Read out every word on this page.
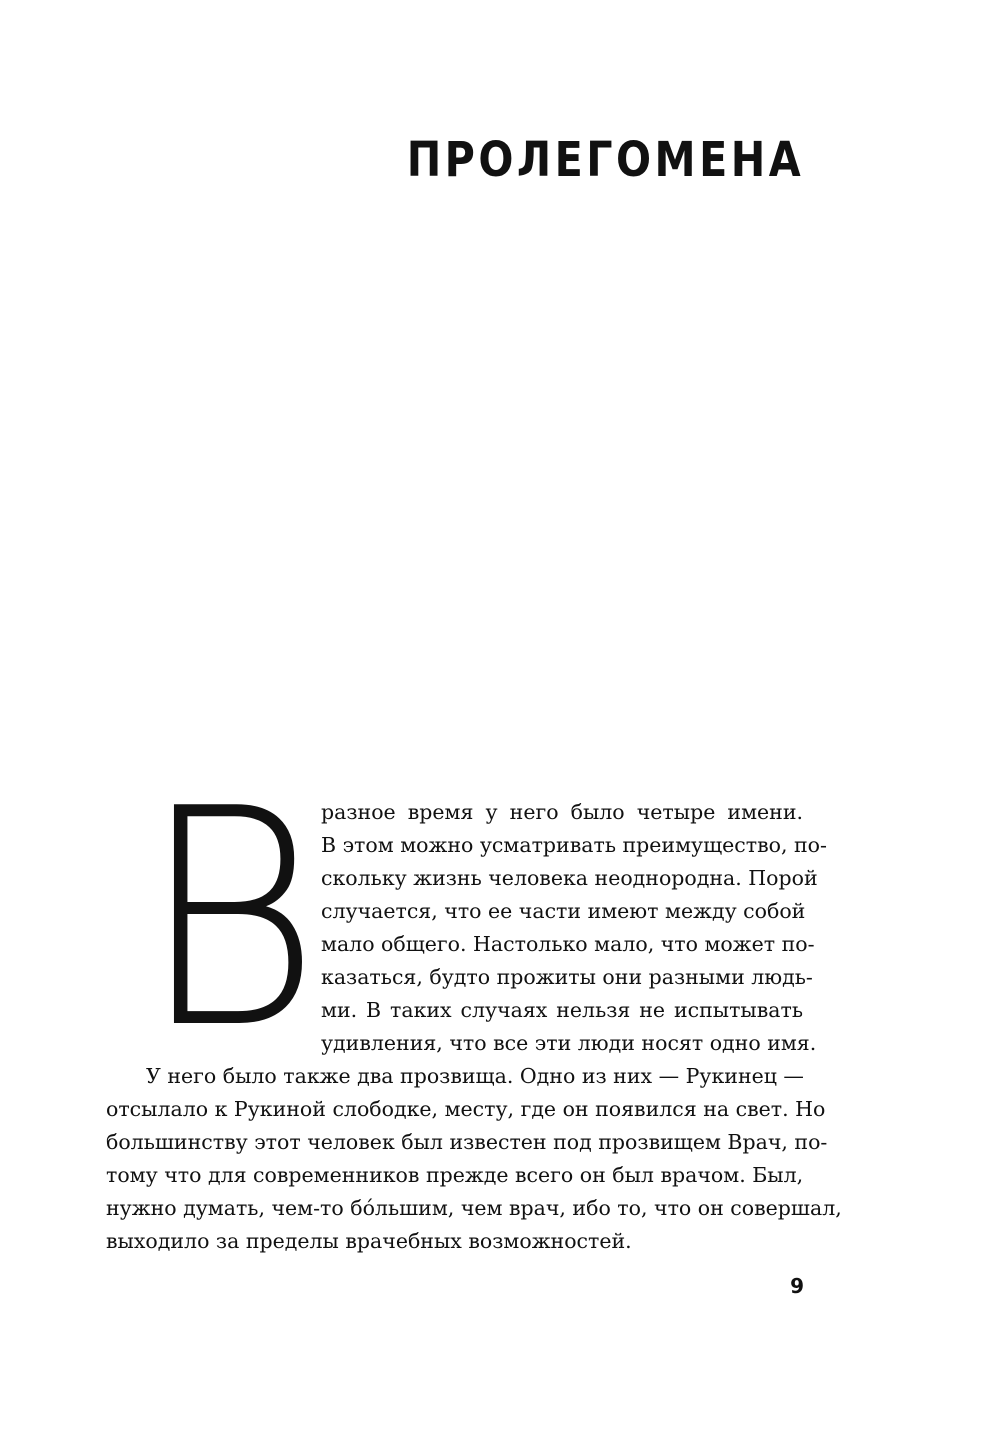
ПРОЛЕГОМЕНА
В разное время у него было четыре имени.
В этом можно усматривать преимущество, по-
скольку жизнь человека неоднородна. Порой
случается, что ее части имеют между собой
мало общего. Настолько мало, что может по-
казаться, будто прожиты они разными людь-
ми. В таких случаях нельзя не испытывать
удивления, что все эти люди носят одно имя.
У него было также два прозвища. Одно из них — Рукинец —
отсылало к Рукиной слободке, месту, где он появился на свет. Но
большинству этот человек был известен под прозвищем Врач, по-
тому что для современников прежде всего он был врачом. Был,
нужно думать, чем-то бóльшим, чем врач, ибо то, что он совершал,
выходило за пределы врачебных возможностей.
9
